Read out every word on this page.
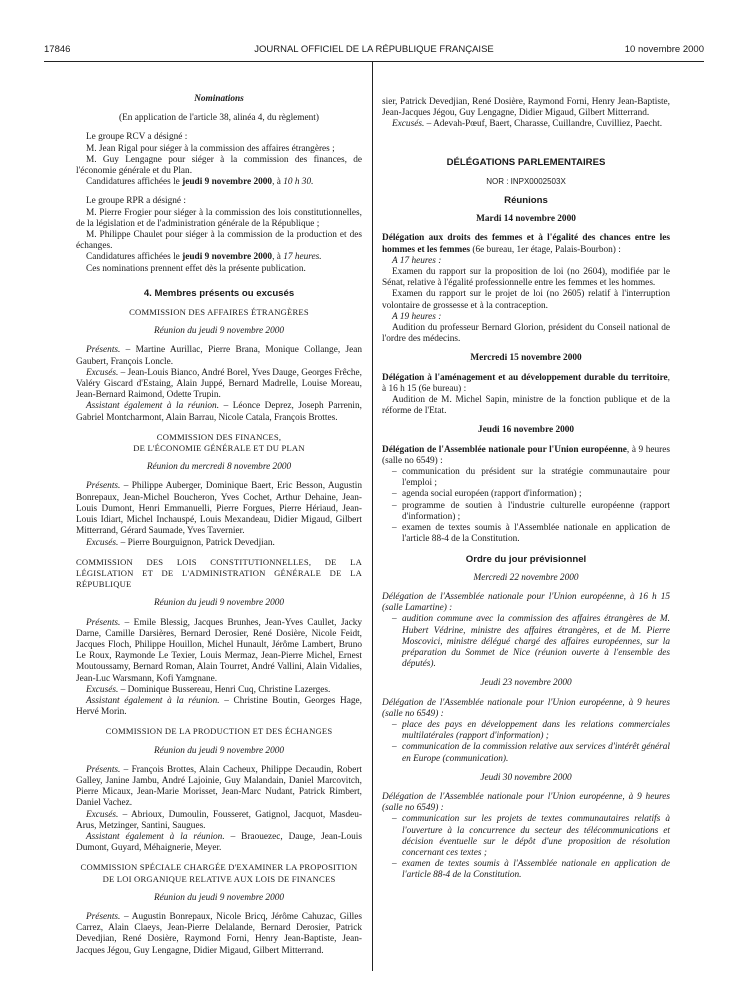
17846	JOURNAL OFFICIEL DE LA RÉPUBLIQUE FRANÇAISE	10 novembre 2000

Nominations

(En application de l'article 38, alinéa 4, du règlement)

Le groupe RCV a désigné :

M. Jean Rigal pour siéger à la commission des affaires étrangères ;

M. Guy Lengagne pour siéger à la commission des finances, de l'économie générale et du Plan.

Candidatures affichées le jeudi 9 novembre 2000, à 10 h 30.

Le groupe RPR a désigné :

M. Pierre Frogier pour siéger à la commission des lois constitutionnelles, de la législation et de l'administration générale de la République ;

M. Philippe Chaulet pour siéger à la commission de la production et des échanges.

Candidatures affichées le jeudi 9 novembre 2000, à 17 heures.

Ces nominations prennent effet dès la présente publication.

4. Membres présents ou excusés

COMMISSION DES AFFAIRES ÉTRANGÈRES

Réunion du jeudi 9 novembre 2000

Présents. – Martine Aurillac, Pierre Brana, Monique Collange, Jean Gaubert, François Loncle.

Excusés. – Jean-Louis Bianco, André Borel, Yves Dauge, Georges Frêche, Valéry Giscard d'Estaing, Alain Juppé, Bernard Madrelle, Louise Moreau, Jean-Bernard Raimond, Odette Trupin.

Assistant également à la réunion. – Léonce Deprez, Joseph Parrenin, Gabriel Montcharmont, Alain Barrau, Nicole Catala, François Brottes.

COMMISSION DES FINANCES,

DE L'ÉCONOMIE GÉNÉRALE ET DU PLAN

Réunion du mercredi 8 novembre 2000

Présents. – Philippe Auberger, Dominique Baert, Eric Besson, Augustin Bonrepaux, Jean-Michel Boucheron, Yves Cochet, Arthur Dehaine, Jean-Louis Dumont, Henri Emmanuelli, Pierre Forgues, Pierre Hériaud, Jean-Louis Idiart, Michel Inchauspé, Louis Mexandeau, Didier Migaud, Gilbert Mitterrand, Gérard Saumade, Yves Tavernier.

Excusés. – Pierre Bourguignon, Patrick Devedjian.

COMMISSION DES LOIS CONSTITUTIONNELLES, DE LA LÉGISLATION ET DE L'ADMINISTRATION GÉNÉRALE DE LA RÉPUBLIQUE

Réunion du jeudi 9 novembre 2000

Présents. – Emile Blessig, Jacques Brunhes, Jean-Yves Caullet, Jacky Darne, Camille Darsières, Bernard Derosier, René Dosière, Nicole Feidt, Jacques Floch, Philippe Houillon, Michel Hunault, Jérôme Lambert, Bruno Le Roux, Raymonde Le Texier, Louis Mermaz, Jean-Pierre Michel, Ernest Moutoussamy, Bernard Roman, Alain Tourret, André Vallini, Alain Vidalies, Jean-Luc Warsmann, Kofi Yamgnane.

Excusés. – Dominique Bussereau, Henri Cuq, Christine Lazerges.

Assistant également à la réunion. – Christine Boutin, Georges Hage, Hervé Morin.

COMMISSION DE LA PRODUCTION ET DES ÉCHANGES

Réunion du jeudi 9 novembre 2000

Présents. – François Brottes, Alain Cacheux, Philippe Decaudin, Robert Galley, Janine Jambu, André Lajoinie, Guy Malandain, Daniel Marcovitch, Pierre Micaux, Jean-Marie Morisset, Jean-Marc Nudant, Patrick Rimbert, Daniel Vachez.

Excusés. – Abrioux, Dumoulin, Fousseret, Gatignol, Jacquot, Masdeu-Arus, Metzinger, Santini, Saugues.

Assistant également à la réunion. – Braouezec, Dauge, Jean-Louis Dumont, Guyard, Méhaignerie, Meyer.

COMMISSION SPÉCIALE CHARGÉE D'EXAMINER LA PROPOSITION DE LOI ORGANIQUE RELATIVE AUX LOIS DE FINANCES

Réunion du jeudi 9 novembre 2000

Présents. – Augustin Bonrepaux, Nicole Bricq, Jérôme Cahuzac, Gilles Carrez, Alain Claeys, Jean-Pierre Delalande, Bernard Derosier, Patrick Devedjian, René Dosière, Raymond Forni, Henry Jean-Baptiste, Jean-Jacques Jégou, Guy Lengagne, Didier Migaud, Gilbert Mitterrand.

sier, Patrick Devedjian, René Dosière, Raymond Forni, Henry Jean-Baptiste, Jean-Jacques Jégou, Guy Lengagne, Didier Migaud, Gilbert Mitterrand.

Excusés. – Adevah-Pœuf, Baert, Charasse, Cuillandre, Cuvilliez, Paecht.

DÉLÉGATIONS PARLEMENTAIRES

NOR : INPX0002503X

Réunions

Mardi 14 novembre 2000

Délégation aux droits des femmes et à l'égalité des chances entre les hommes et les femmes (6e bureau, 1er étage, Palais-Bourbon) :

A 17 heures :

Examen du rapport sur la proposition de loi (no 2604), modifiée par le Sénat, relative à l'égalité professionnelle entre les femmes et les hommes.

Examen du rapport sur le projet de loi (no 2605) relatif à l'interruption volontaire de grossesse et à la contraception.

A 19 heures :

Audition du professeur Bernard Glorion, président du Conseil national de l'ordre des médecins.

Mercredi 15 novembre 2000

Délégation à l'aménagement et au développement durable du territoire, à 16 h 15 (6e bureau) :

Audition de M. Michel Sapin, ministre de la fonction publique et de la réforme de l'Etat.

Jeudi 16 novembre 2000

Délégation de l'Assemblée nationale pour l'Union européenne, à 9 heures (salle no 6549) :

– communication du président sur la stratégie communautaire pour l'emploi ;
– agenda social européen (rapport d'information) ;
– programme de soutien à l'industrie culturelle européenne (rapport d'information) ;
– examen de textes soumis à l'Assemblée nationale en application de l'article 88-4 de la Constitution.

Ordre du jour prévisionnel

Mercredi 22 novembre 2000

Délégation de l'Assemblée nationale pour l'Union européenne, à 16 h 15 (salle Lamartine) :

– audition commune avec la commission des affaires étrangères de M. Hubert Védrine, ministre des affaires étrangères, et de M. Pierre Moscovici, ministre délégué chargé des affaires européennes, sur la préparation du Sommet de Nice (réunion ouverte à l'ensemble des députés).

Jeudi 23 novembre 2000

Délégation de l'Assemblée nationale pour l'Union européenne, à 9 heures (salle no 6549) :

– place des pays en développement dans les relations commerciales multilatérales (rapport d'information) ;
– communication de la commission relative aux services d'intérêt général en Europe (communication).

Jeudi 30 novembre 2000

Délégation de l'Assemblée nationale pour l'Union européenne, à 9 heures (salle no 6549) :

– communication sur les projets de textes communautaires relatifs à l'ouverture à la concurrence du secteur des télécommunications et décision éventuelle sur le dépôt d'une proposition de résolution concernant ces textes ;
– examen de textes soumis à l'Assemblée nationale en application de l'article 88-4 de la Constitution.
